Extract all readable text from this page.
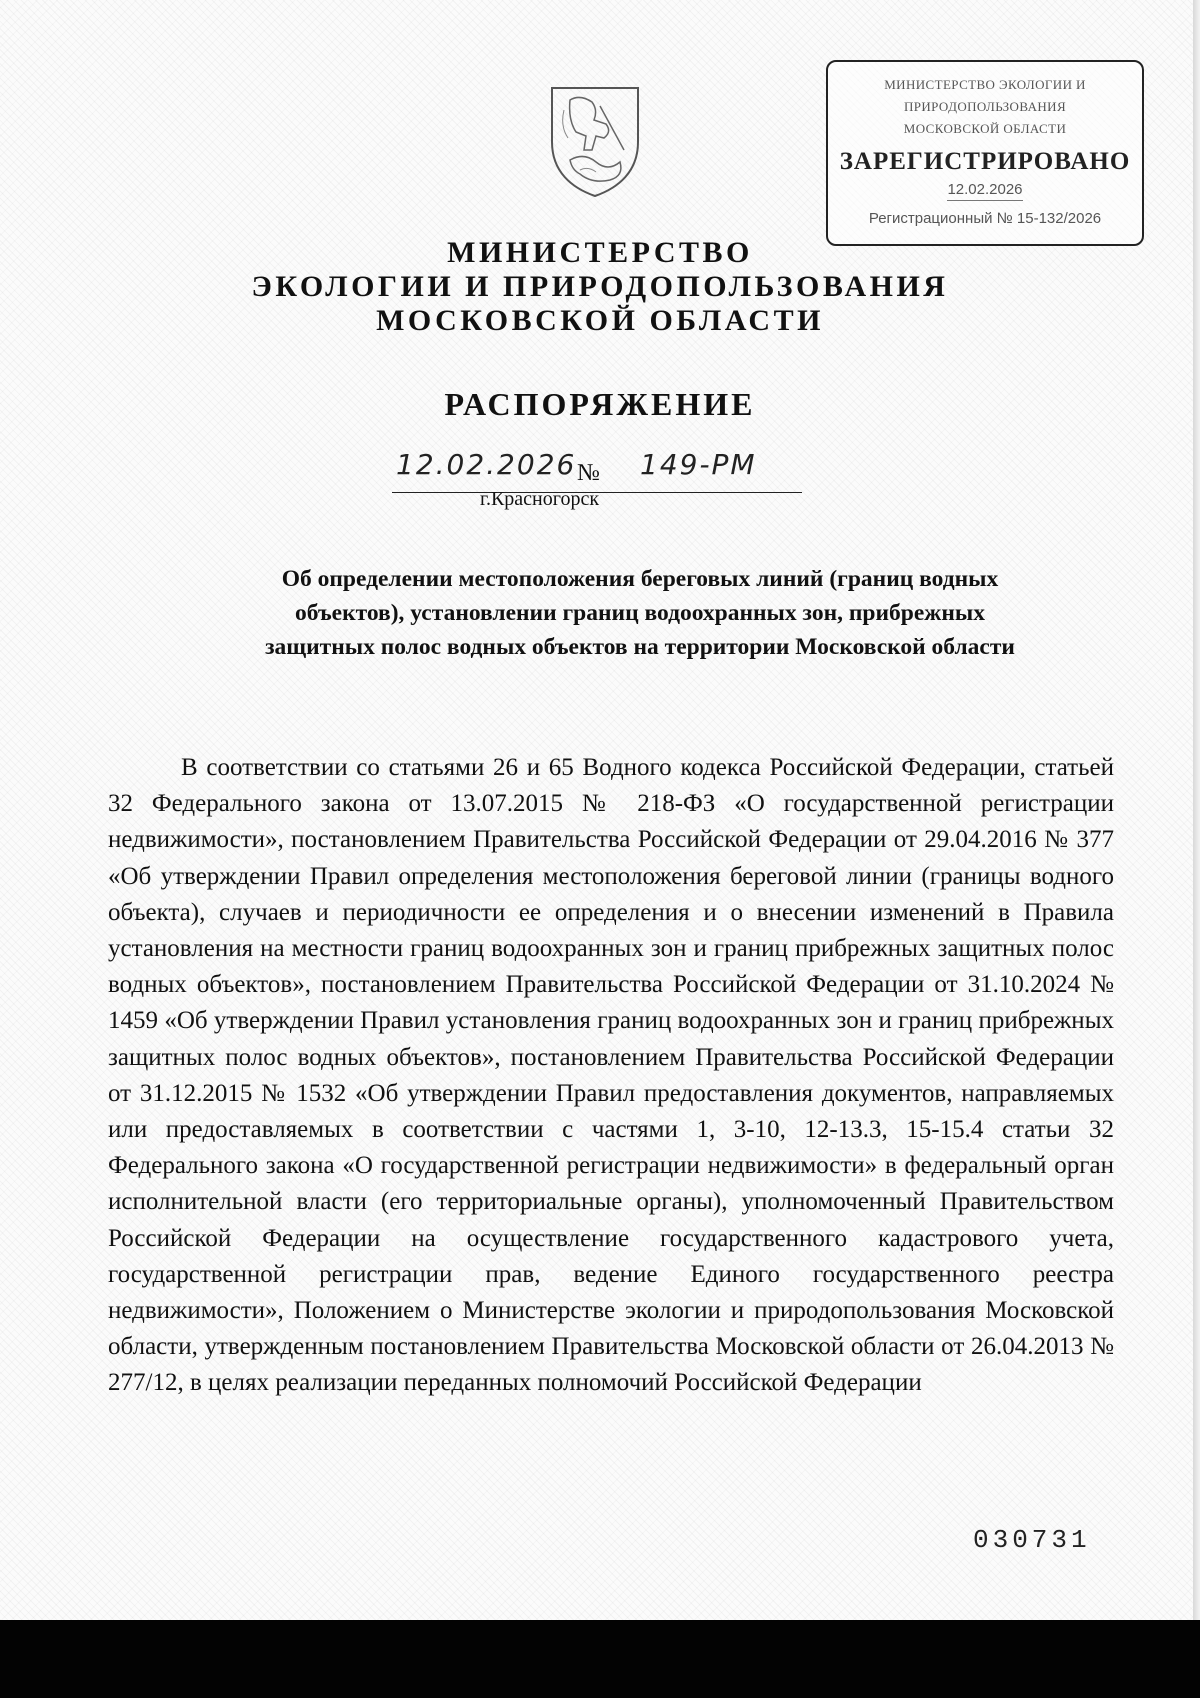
МИНИСТЕРСТВО ЭКОЛОГИИ И
ПРИРОДОПОЛЬЗОВАНИЯ
МОСКОВСКОЙ ОБЛАСТИ
ЗАРЕГИСТРИРОВАНО
12.02.2026
Регистрационный № 15-132/2026
МИНИСТЕРСТВО
ЭКОЛОГИИ И ПРИРОДОПОЛЬЗОВАНИЯ
МОСКОВСКОЙ ОБЛАСТИ
РАСПОРЯЖЕНИЕ
12.02.2026 № 149-РМ
г.Красногорск
Об определении местоположения береговых линий (границ водных
объектов), установлении границ водоохранных зон, прибрежных
защитных полос водных объектов на территории Московской области

В соответствии со статьями 26 и 65 Водного кодекса Российской Федерации, статьей 32 Федерального закона от 13.07.2015 № 218-ФЗ «О государственной регистрации недвижимости», постановлением Правительства Российской Федерации от 29.04.2016 № 377 «Об утверждении Правил определения местоположения береговой линии (границы водного объекта), случаев и периодичности ее определения и о внесении изменений в Правила установления на местности границ водоохранных зон и границ прибрежных защитных полос водных объектов», постановлением Правительства Российской Федерации от 31.10.2024 № 1459 «Об утверждении Правил установления границ водоохранных зон и границ прибрежных защитных полос водных объектов», постановлением Правительства Российской Федерации от 31.12.2015 № 1532 «Об утверждении Правил предоставления документов, направляемых или предоставляемых в соответствии с частями 1, 3-10, 12-13.3, 15-15.4 статьи 32 Федерального закона «О государственной регистрации недвижимости» в федеральный орган исполнительной власти (его территориальные органы), уполномоченный Правительством Российской Федерации на осуществление государственного кадастрового учета, государственной регистрации прав, ведение Единого государственного реестра недвижимости», Положением о Министерстве экологии и природопользования Московской области, утвержденным постановлением Правительства Московской области от 26.04.2013 № 277/12, в целях реализации переданных полномочий Российской Федерации

030731
